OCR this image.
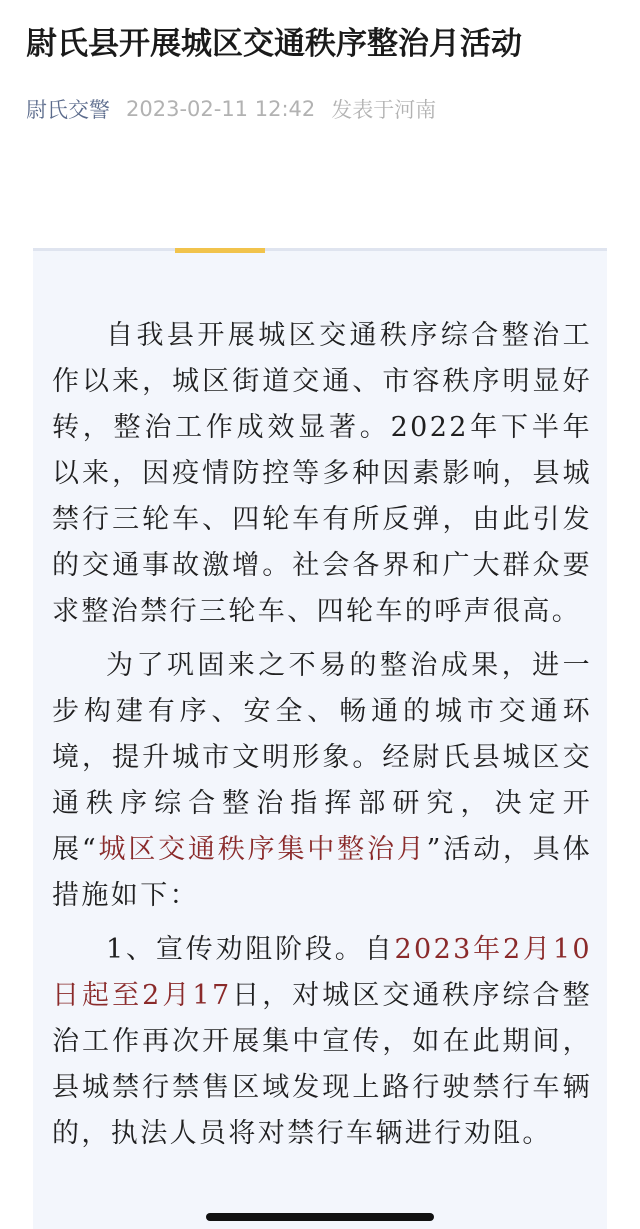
尉氏县开展城区交通秩序整治月活动
尉氏交警 2023-02-11 12:42 发表于河南

自我县开展城区交通秩序综合整治工作以来，城区街道交通、市容秩序明显好转，整治工作成效显著。2022年下半年以来，因疫情防控等多种因素影响，县城禁行三轮车、四轮车有所反弹，由此引发的交通事故激增。社会各界和广大群众要求整治禁行三轮车、四轮车的呼声很高。

为了巩固来之不易的整治成果，进一步构建有序、安全、畅通的城市交通环境，提升城市文明形象。经尉氏县城区交通秩序综合整治指挥部研究，决定开展“城区交通秩序集中整治月”活动，具体措施如下：

1、宣传劝阻阶段。自2023年2月10日起至2月17日，对城区交通秩序综合整治工作再次开展集中宣传，如在此期间，县城禁行禁售区域发现上路行驶禁行车辆的，执法人员将对禁行车辆进行劝阻。
